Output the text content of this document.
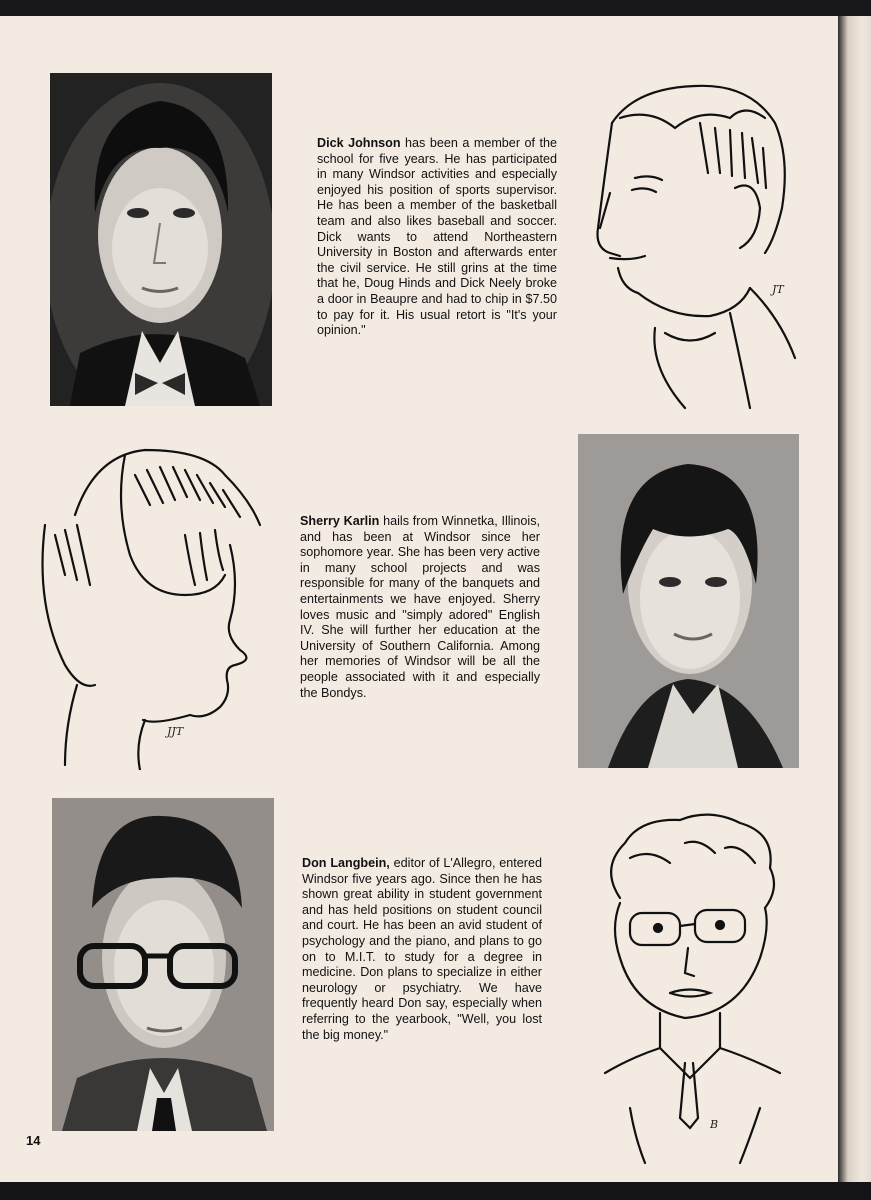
Dick Johnson has been a member of the school for five years. He has participated in many Windsor activities and especially enjoyed his position of sports supervisor. He has been a member of the basketball team and also likes baseball and soccer. Dick wants to attend Northeastern University in Boston and afterwards enter the civil service. He still grins at the time that he, Doug Hinds and Dick Neely broke a door in Beaupre and had to chip in $7.50 to pay for it. His usual retort is "It's your opinion."
JT
JJT
Sherry Karlin hails from Winnetka, Illinois, and has been at Windsor since her sophomore year. She has been very active in many school projects and was responsible for many of the banquets and entertainments we have enjoyed. Sherry loves music and "simply adored" English IV. She will further her education at the University of Southern California. Among her memories of Windsor will be all the people associated with it and especially the Bondys.
Don Langbein, editor of L'Allegro, entered Windsor five years ago. Since then he has shown great ability in student government and has held positions on student council and court. He has been an avid student of psychology and the piano, and plans to go on to M.I.T. to study for a degree in medicine. Don plans to specialize in either neurology or psychiatry. We have frequently heard Don say, especially when referring to the yearbook, "Well, you lost the big money."
B
14
